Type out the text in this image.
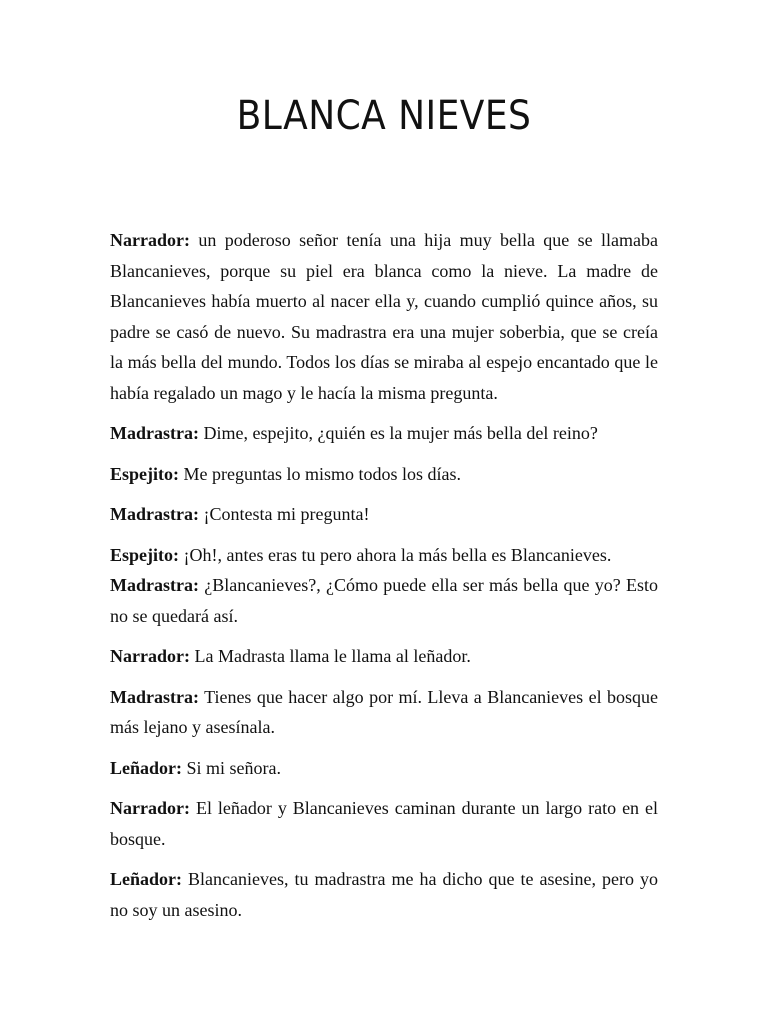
BLANCA NIEVES

Narrador: un poderoso señor tenía una hija muy bella que se llamaba Blancanieves, porque su piel era blanca como la nieve. La madre de Blancanieves había muerto al nacer ella y, cuando cumplió quince años, su padre se casó de nuevo. Su madrastra era una mujer soberbia, que se creía la más bella del mundo. Todos los días se miraba al espejo encantado que le había regalado un mago y le hacía la misma pregunta.

Madrastra: Dime, espejito, ¿quién es la mujer más bella del reino?

Espejito: Me preguntas lo mismo todos los días.

Madrastra: ¡Contesta mi pregunta!

Espejito: ¡Oh!, antes eras tu pero ahora la más bella es Blancanieves.

Madrastra: ¿Blancanieves?, ¿Cómo puede ella ser más bella que yo? Esto no se quedará así.

Narrador: La Madrasta llama le llama al leñador.

Madrastra: Tienes que hacer algo por mí. Lleva a Blancanieves el bosque más lejano y asesínala.

Leñador: Si mi señora.

Narrador: El leñador y Blancanieves caminan durante un largo rato en el bosque.

Leñador: Blancanieves, tu madrastra me ha dicho que te asesine, pero yo no soy un asesino.
